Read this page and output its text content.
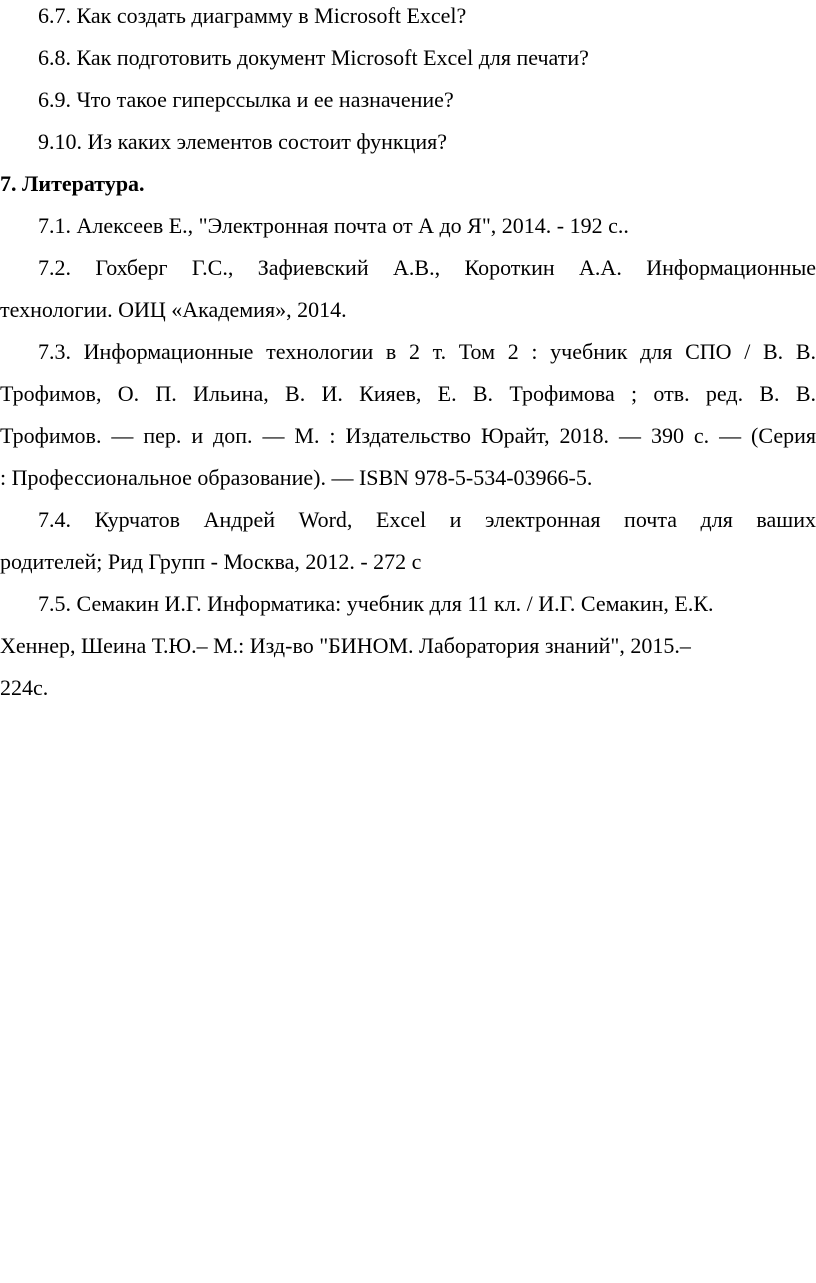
6.7. Как создать диаграмму в Microsoft Excel?
6.8. Как подготовить документ Microsoft Excel для печати?
6.9. Что такое гиперссылка и ее назначение?
9.10. Из каких элементов состоит функция?
7. Литература.
7.1. Алексеев Е., "Электронная почта от А до Я", 2014. - 192 с..
7.2. Гохберг Г.С., Зафиевский А.В., Короткин А.А. Информационные
технологии. ОИЦ «Академия», 2014.
7.3. Информационные технологии в 2 т. Том 2 : учебник для СПО / В. В.
Трофимов, О. П. Ильина, В. И. Кияев, Е. В. Трофимова ; отв. ред. В. В.
Трофимов. — пер. и доп. — М. : Издательство Юрайт, 2018. — 390 с. — (Серия
: Профессиональное образование). — ISBN 978-5-534-03966-5.
7.4. Курчатов Андрей Word, Excel и электронная почта для ваших
родителей; Рид Групп - Москва, 2012. - 272 с
7.5. Семакин И.Г. Информатика: учебник для 11 кл. / И.Г. Семакин, Е.К.
Хеннер, Шеина Т.Ю.– М.: Изд-во "БИНОМ. Лаборатория знаний", 2015.–
224с.
